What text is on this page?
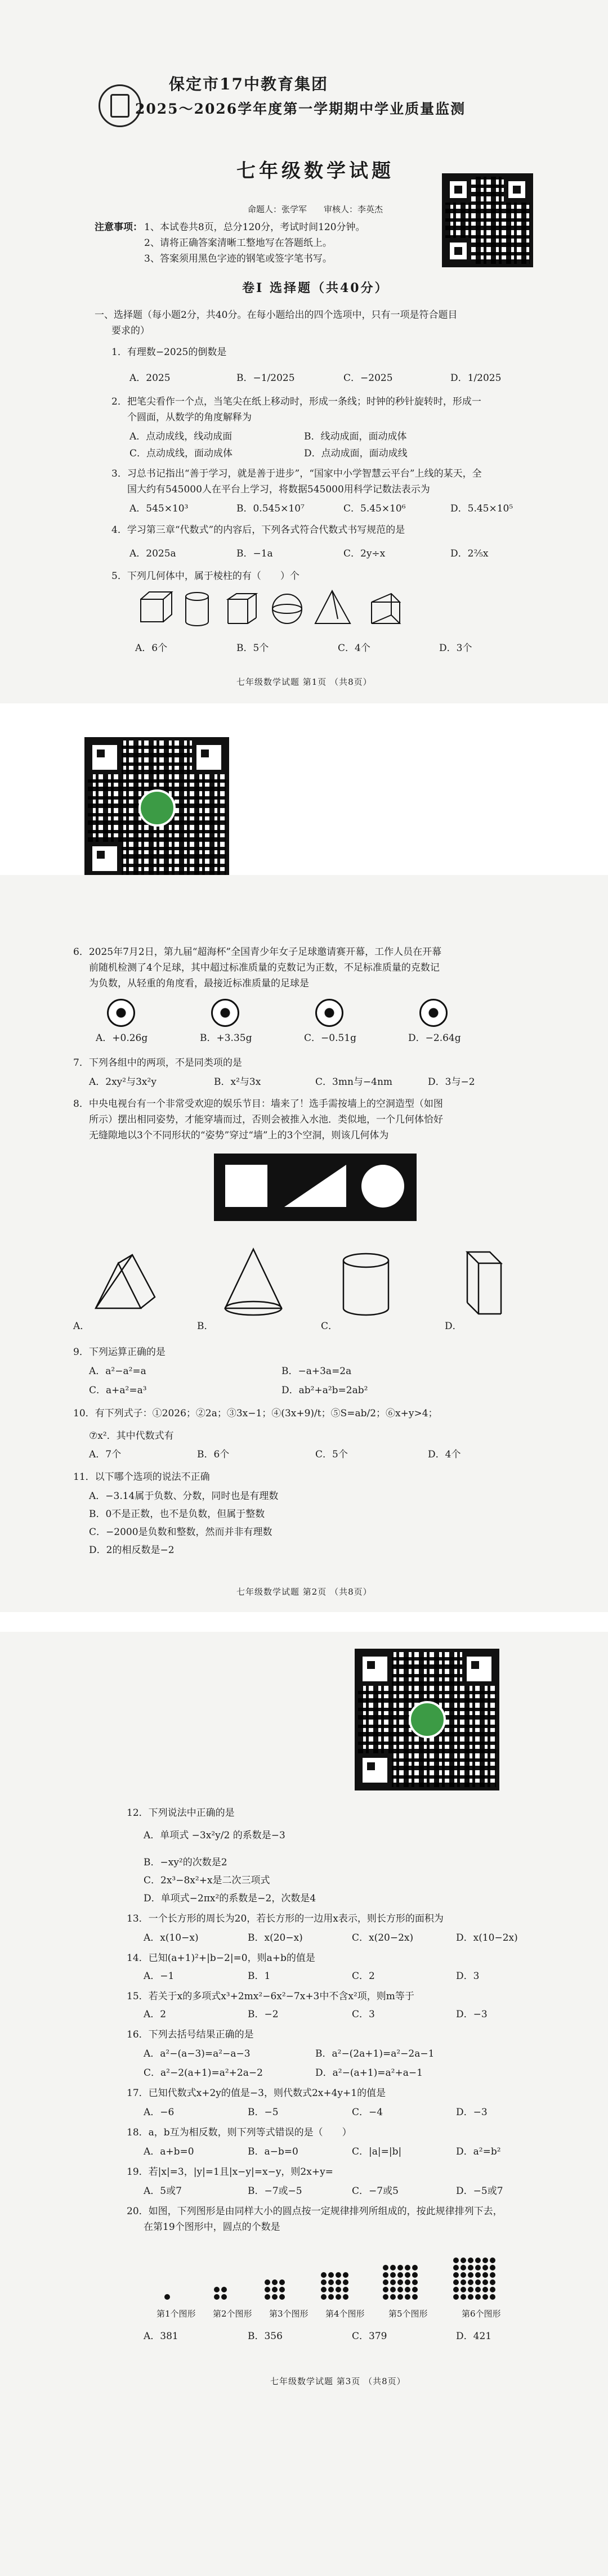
保定市17中教育集团
2025～2026学年度第一学期期中学业质量监测
七年级数学试题
命题人：张学军　　审核人：李英杰
注意事项： 1、本试卷共8页，总分120分，考试时间120分钟。
2、请将正确答案清晰工整地写在答题纸上。
3、答案须用黑色字迹的钢笔或签字笔书写。
卷Ⅰ 选择题（共40分）
一、选择题（每小题2分，共40分。在每小题给出的四个选项中，只有一项是符合题目
要求的）
1．有理数−2025的倒数是
A．2025	B．−1/2025	C．−2025	D．1/2025
2．把笔尖看作一个点，当笔尖在纸上移动时，形成一条线；时钟的秒针旋转时，形成一
个圆面，从数学的角度解释为
A．点动成线，线动成面	B．线动成面，面动成体
C．点动成线，面动成体	D．点动成面，面动成线
3．习总书记指出“善于学习，就是善于进步”，“国家中小学智慧云平台”上线的某天，全
国大约有545000人在平台上学习，将数据545000用科学记数法表示为
A．545×10³	B．0.545×10⁷	C．5.45×10⁶	D．5.45×10⁵
4．学习第三章“代数式”的内容后，下列各式符合代数式书写规范的是
A．2025a	B．−1a	C．2y÷x	D．2⅖x
5．下列几何体中，属于棱柱的有（　　）个
A．6个	B．5个	C．4个	D．3个
七年级数学试题 第1页 （共8页）
6．2025年7月2日，第九届“超海杯”全国青少年女子足球邀请赛开幕，工作人员在开幕
前随机检测了4个足球，其中超过标准质量的克数记为正数，不足标准质量的克数记
为负数，从轻重的角度看，最接近标准质量的足球是
A．+0.26g	B．+3.35g	C．−0.51g	D．−2.64g
7．下列各组中的两项，不是同类项的是
A．2xy²与3x²y	B．x²与3x	C．3mn与−4nm	D．3与−2
8．中央电视台有一个非常受欢迎的娱乐节目：墙来了！选手需按墙上的空洞造型（如图
所示）摆出相同姿势，才能穿墙而过，否则会被推入水池．类似地，一个几何体恰好
无缝隙地以3个不同形状的“姿势”穿过“墙”上的3个空洞，则该几何体为
A．	B．	C．	D．
9．下列运算正确的是
A．a²−a²=a	B．−a+3a=2a
C．a+a²=a³	D．ab²+a²b=2ab²
10．有下列式子：①2026；②2a；③3x−1；④(3x+9)/t；⑤S=ab/2；⑥x+y>4；
⑦x²．其中代数式有
A．7个	B．6个	C．5个	D．4个
11．以下哪个选项的说法不正确
A．−3.14属于负数、分数，同时也是有理数
B．0不是正数，也不是负数，但属于整数
C．−2000是负数和整数，然而并非有理数
D．2的相反数是−2
七年级数学试题 第2页 （共8页）
12．下列说法中正确的是
A．单项式 −3x²y/2 的系数是−3
B．−xy²的次数是2
C．2x³−8x²+x是二次三项式
D．单项式−2πx²的系数是−2，次数是4
13．一个长方形的周长为20，若长方形的一边用x表示，则长方形的面积为
A．x(10−x)	B．x(20−x)	C．x(20−2x)	D．x(10−2x)
14．已知(a+1)²+|b−2|=0，则a+b的值是
A．−1	B．1	C．2	D．3
15．若关于x的多项式x³+2mx²−6x²−7x+3中不含x²项，则m等于
A．2	B．−2	C．3	D．−3
16．下列去括号结果正确的是
A．a²−(a−3)=a²−a−3	B．a²−(2a+1)=a²−2a−1
C．a²−2(a+1)=a²+2a−2	D．a²−(a+1)=a²+a−1
17．已知代数式x+2y的值是−3，则代数式2x+4y+1的值是
A．−6	B．−5	C．−4	D．−3
18．a，b互为相反数，则下列等式错误的是（　　）
A．a+b=0	B．a−b=0	C．|a|=|b|	D．a²=b²
19．若|x|=3，|y|=1且|x−y|=x−y，则2x+y=
A．5或7	B．−7或−5	C．−7或5	D．−5或7
20．如图，下列图形是由同样大小的圆点按一定规律排列所组成的，按此规律排列下去，
在第19个图形中，圆点的个数是
第1个图形 第2个图形 第3个图形 第4个图形	第5个图形	第6个图形
A．381	B．356	C．379	D．421
七年级数学试题 第3页 （共8页）
